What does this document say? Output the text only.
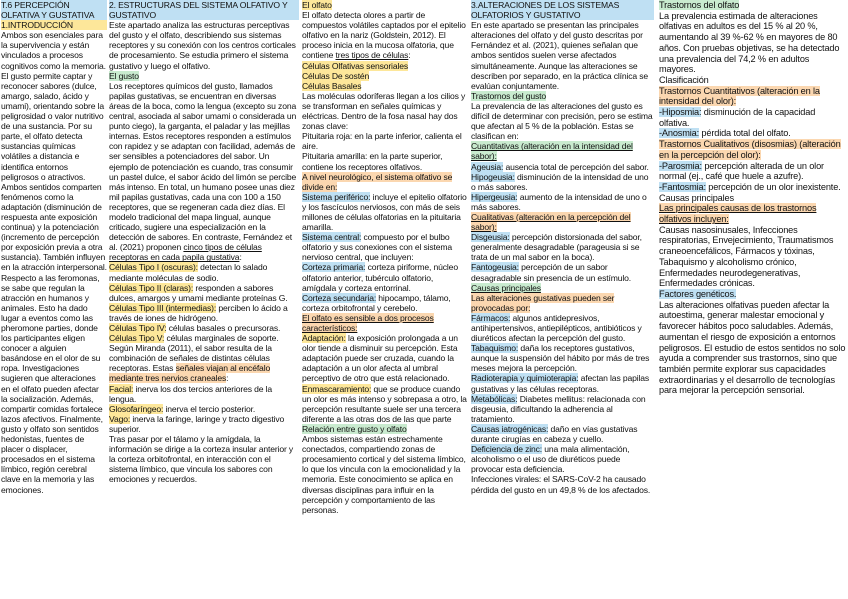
T.6 PERCEPCIÓN OLFATIVA Y GUSTATIVA
1.INTRODUCCIÓN
Ambos son esenciales para la supervivencia y están vinculados a procesos cognitivos como la memoria. El gusto permite captar y reconocer sabores (dulce, amargo, salado, ácido y umami), orientando sobre la peligrosidad o valor nutritivo de una sustancia. Por su parte, el olfato detecta sustancias químicas volátiles a distancia e identifica entornos peligrosos o atractivos. Ambos sentidos comparten fenómenos como la adaptación (disminución de respuesta ante exposición continua) y la potenciación (incremento de percepción por exposición previa a otra sustancia). También influyen en la atracción interpersonal. Respecto a las feromonas, se sabe que regulan la atracción en humanos y animales. Esto ha dado lugar a eventos como las pheromone parties, donde los participantes eligen conocer a alguien basándose en el olor de su ropa. Investigaciones sugieren que alteraciones en el olfato pueden afectar la socialización. Además, compartir comidas fortalece lazos afectivos. Finalmente, gusto y olfato son sentidos hedonistas, fuentes de placer o displacer, procesados en el sistema límbico, región cerebral clave en la memoria y las emociones.
2. ESTRUCTURAS DEL SISTEMA OLFATIVO Y GUSTATIVO
Este apartado analiza las estructuras perceptivas del gusto y el olfato, describiendo sus sistemas receptores y su conexión con los centros corticales de procesamiento. Se estudia primero el sistema gustativo y luego el olfativo.
El gusto
Los receptores químicos del gusto, llamados papilas gustativas, se encuentran en diversas áreas de la boca, como la lengua (excepto su zona central, asociada al sabor umami o considerada un punto ciego), la garganta, el paladar y las mejillas internas. Estos receptores responden a estímulos con rapidez y se adaptan con facilidad, además de ser sensibles a potenciadores del sabor. Un ejemplo de potenciación es cuando, tras consumir un pastel dulce, el sabor ácido del limón se percibe más intenso. En total, un humano posee unas diez mil papilas gustativas, cada una con 100 a 150 receptores, que se regeneran cada diez días. El modelo tradicional del mapa lingual, aunque criticado, sugiere una especialización en la detección de sabores. En contraste, Fernández et al. (2021) proponen cinco tipos de células receptoras en cada papila gustativa:
Células Tipo I (oscuras): detectan lo salado mediante moléculas de sodio.
Células Tipo II (claras): responden a sabores dulces, amargos y umami mediante proteínas G.
Células Tipo III (intermedias): perciben lo ácido a través de iones de hidrógeno.
Células Tipo IV: células basales o precursoras.
Células Tipo V: células marginales de soporte.
Según Miranda (2011), el sabor resulta de la combinación de señales de distintas células receptoras. Estas señales viajan al encéfalo mediante tres nervios craneales:
Facial: inerva los dos tercios anteriores de la lengua.
Glosofaríngeo: inerva el tercio posterior.
Vago: inerva la faringe, laringe y tracto digestivo superior.
Tras pasar por el tálamo y la amígdala, la información se dirige a la corteza insular anterior y la corteza orbitofrontal, en interacción con el sistema límbico, que vincula los sabores con emociones y recuerdos.
El olfato
El olfato detecta olores a partir de compuestos volátiles captados por el epitelio olfativo en la nariz (Goldstein, 2012). El proceso inicia en la mucosa olfatoria, que contiene tres tipos de células:
Células Olfativas sensoriales
Células De sostén
Células Basales
Las moléculas odoríferas llegan a los cilios y se transforman en señales químicas y eléctricas. Dentro de la fosa nasal hay dos zonas clave:
Pituitaria roja: en la parte inferior, calienta el aire.
Pituitaria amarilla: en la parte superior, contiene los receptores olfativos.
A nivel neurológico, el sistema olfativo se divide en:
Sistema periférico: incluye el epitelio olfatorio y los fascículos nerviosos, con más de seis millones de células olfatorias en la pituitaria amarilla.
Sistema central: compuesto por el bulbo olfatorio y sus conexiones con el sistema nervioso central, que incluyen:
Corteza primaria: corteza piriforme, núcleo olfatorio anterior, tubérculo olfatorio, amígdala y corteza entorrinal.
Corteza secundaria: hipocampo, tálamo, corteza orbitofrontal y cerebelo.
El olfato es sensible a dos procesos característicos:
Adaptación: la exposición prolongada a un olor tiende a disminuir su percepción. Esta adaptación puede ser cruzada, cuando la adaptación a un olor afecta al umbral perceptivo de otro que está relacionado.
Enmascaramiento: que se produce cuando un olor es más intenso y sobrepasa a otro, la percepción resultante suele ser una tercera diferente a las otras dos de las que parte
Relación entre gusto y olfato
Ambos sistemas están estrechamente conectados, compartiendo zonas de procesamiento cortical y del sistema límbico, lo que los vincula con la emocionalidad y la memoria. Este conocimiento se aplica en diversas disciplinas para influir en la percepción y comportamiento de las personas.
3.ALTERACIONES DE LOS SISTEMAS OLFATORIOS Y GUSTATIVO
En este apartado se presentan las principales alteraciones del olfato y del gusto descritas por Fernández et al. (2021), quienes señalan que ambos sentidos suelen verse afectados simultáneamente. Aunque las alteraciones se describen por separado, en la práctica clínica se evalúan conjuntamente.
Trastornos del gusto
La prevalencia de las alteraciones del gusto es difícil de determinar con precisión, pero se estima que afectan al 5 % de la población. Estas se clasifican en:
Cuantitativas (alteración en la intensidad del sabor):
Ageusia: ausencia total de percepción del sabor.
Hipogeusia: disminución de la intensidad de uno o más sabores.
Hipergeusia: aumento de la intensidad de uno o más sabores.
Cualitativas (alteración en la percepción del sabor):
Disgeusia: percepción distorsionada del sabor, generalmente desagradable (parageusia si se trata de un mal sabor en la boca).
Fantogeusia: percepción de un sabor desagradable sin presencia de un estímulo.
Causas principales
Las alteraciones gustativas pueden ser provocadas por:
Fármacos: algunos antidepresivos, antihipertensivos, antiepilépticos, antibióticos y diuréticos afectan la percepción del gusto.
Tabaquismo: daña los receptores gustativos, aunque la suspensión del hábito por más de tres meses mejora la percepción.
Radioterapia y quimioterapia: afectan las papilas gustativas y las células receptoras.
Metabólicas: Diabetes mellitus: relacionada con disgeusia, dificultando la adherencia al tratamiento.
Causas iatrogénicas: daño en vías gustativas durante cirugías en cabeza y cuello.
Deficiencia de zinc: una mala alimentación, alcoholismo o el uso de diuréticos puede provocar esta deficiencia.
Infecciones virales: el SARS-CoV-2 ha causado pérdida del gusto en un 49,8 % de los afectados.
Trastornos del olfato
La prevalencia estimada de alteraciones olfativas en adultos es del 15 % al 20 %, aumentando al 39 %-62 % en mayores de 80 años. Con pruebas objetivas, se ha detectado una prevalencia del 74,2 % en adultos mayores.
Clasificación
Trastornos Cuantitativos (alteración en la intensidad del olor):
-Hiposmia: disminución de la capacidad olfativa.
-Anosmia: pérdida total del olfato.
Trastornos Cualitativos (disosmias) (alteración en la percepción del olor):
-Parosmia: percepción alterada de un olor normal (ej., café que huele a azufre).
-Fantosmia: percepción de un olor inexistente.
Causas principales
Las principales causas de los trastornos olfativos incluyen:
Causas nasosinusales, Infecciones respiratorias, Envejecimiento, Traumatismos craneoencefálicos, Fármacos y tóxinas, Tabaquismo y alcoholismo crónico, Enfermedades neurodegenerativas, Enfermedades crónicas.
Factores genéticos.
Las alteraciones olfativas pueden afectar la autoestima, generar malestar emocional y favorecer hábitos poco saludables. Además, aumentan el riesgo de exposición a entornos peligrosos. El estudio de estos sentidos no solo ayuda a comprender sus trastornos, sino que también permite explorar sus capacidades extraordinarias y el desarrollo de tecnologías para mejorar la percepción sensorial.
